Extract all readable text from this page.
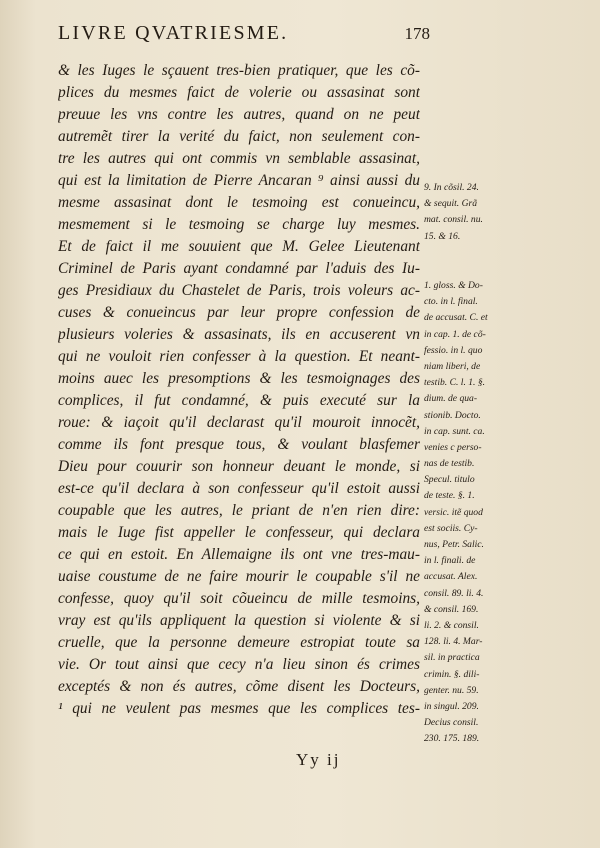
LIVRE QVATRIESME.	178
& les Iuges le sçauent tres-bien pratiquer, que les cõ-
plices du mesmes faict de volerie ou assasinat sont
preuue les vns contre les autres, quand on ne peut
autremẽt tirer la verité du faict, non seulement con-
tre les autres qui ont commis vn semblable assasinat,
qui est la limitation de Pierre Ancaran ⁹ ainsi aussi du
mesme assasinat dont le tesmoing est conueincu,
mesmement si le tesmoing se charge luy mesmes.
Et de faict il me souuient que M. Gelee Lieutenant
Criminel de Paris ayant condamné par l'aduis des Iu-
ges Presidiaux du Chastelet de Paris, trois voleurs ac-
cuses & conueincus par leur propre confession de
plusieurs voleries & assasinats, ils en accuserent vn
qui ne vouloit rien confesser à la question. Et neant-
moins auec les presomptions & les tesmoignages des
complices, il fut condamné, & puis executé sur la
roue: & iaçoit qu'il declarast qu'il mouroit innocẽt,
comme ils font presque tous, & voulant blasfemer
Dieu pour couurir son honneur deuant le monde, si
est-ce qu'il declara à son confesseur qu'il estoit aussi
coupable que les autres, le priant de n'en rien dire:
mais le Iuge fist appeller le confesseur, qui declara
ce qui en estoit. En Allemaigne ils ont vne tres-mau-
uaise coustume de ne faire mourir le coupable s'il ne
confesse, quoy qu'il soit cõueincu de mille tesmoins,
vray est qu'ils appliquent la question si violente & si
cruelle, que la personne demeure estropiat toute sa
vie. Or tout ainsi que cecy n'a lieu sinon és crimes
exceptés & non és autres, cõme disent les Docteurs,
¹ qui ne veulent pas mesmes que les complices tes-
9. In cõsil. 24.
& sequit. Grã
mat. consil. nu.
15. & 16.
1. gloss. & Do-
cto. in l. final.
de accusat. C. et
in cap. 1. de cõ-
fessio. in l. quo
niam liberi, de
testib. C. l. 1. §.
dium. de qua-
stionib. Docto.
in cap. sunt. ca.
venies c perso-
nas de testib.
Specul. titulo
de teste. §. 1.
versic. itẽ quod
est sociis. Cy-
nus, Petr. Salic.
in l. finali. de
accusat. Alex.
consil. 89. li. 4.
& consil. 169.
li. 2. & consil.
128. li. 4. Mar-
sil. in practica
crimin. §. dili-
genter. nu. 59.
in singul. 209.
Decius consil.
230. 175. 189.
Yy ij
